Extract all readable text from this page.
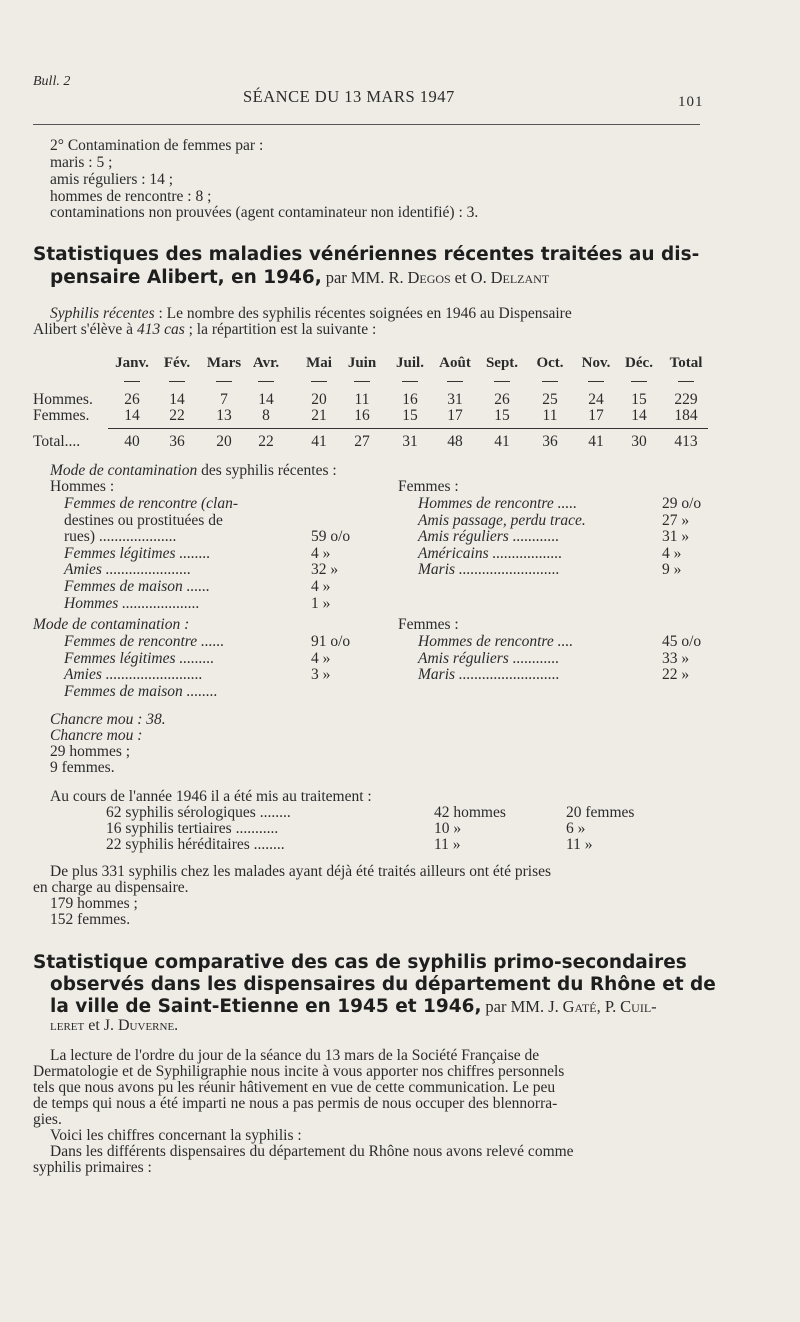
Bull. 2
SÉANCE DU 13 MARS 1947	101
2° Contamination de femmes par :
maris : 5 ;
amis réguliers : 14 ;
hommes de rencontre : 8 ;
contaminations non prouvées (agent contaminateur non identifié) : 3.
Statistiques des maladies vénériennes récentes traitées au dis-
pensaire Alibert, en 1946, par MM. R. Degos et O. Delzant
Syphilis récentes : Le nombre des syphilis récentes soignées en 1946 au Dispensaire
Alibert s'élève à 413 cas ; la répartition est la suivante :
Janv.	Fév.	Mars Avr.	Mai	Juin	Juil.	Août	Sept.	Oct.	Nov. Déc.	Total
Hommes.	26	14	7	14	20	11	16	31	26	25	24	15	229
Femmes.	14	22	13	8	21	16	15	17	15	11	17	14	184
Total....	40	36	20	22	41	27	31	48	41	36	41	30	413
Mode de contamination des syphilis récentes :
Hommes :	Femmes :
Femmes de rencontre (clan-
destines ou prostituées de
rues) ....................	59 o/o
Femmes légitimes ........	4 »
Amies ......................	32 »
Femmes de maison ......	4 »
Hommes ....................	1 »
Hommes de rencontre .....	29 o/o
Amis passage, perdu trace.	27 »
Amis réguliers ............	31 »
Américains ..................	4 »
Maris ..........................	9 »
Mode de contamination :	Femmes :
Femmes de rencontre ......	91 o/o
Femmes légitimes .........	4 »
Amies .........................	3 »
Femmes de maison ........
Hommes de rencontre ....	45 o/o
Amis réguliers ............	33 »
Maris ..........................	22 »
Chancre mou : 38.
Chancre mou :
29 hommes ;
9 femmes.
Au cours de l'année 1946 il a été mis au traitement :
62 syphilis sérologiques ........	42 hommes	20 femmes
16 syphilis tertiaires ...........	10 »	6 »
22 syphilis héréditaires ........	11 »	11 »
De plus 331 syphilis chez les malades ayant déjà été traités ailleurs ont été prises
en charge au dispensaire.
179 hommes ;
152 femmes.
Statistique comparative des cas de syphilis primo-secondaires
observés dans les dispensaires du département du Rhône et de
la ville de Saint-Etienne en 1945 et 1946, par MM. J. Gaté, P. Cuil-
leret et J. Duverne.
La lecture de l'ordre du jour de la séance du 13 mars de la Société Française de
Dermatologie et de Syphiligraphie nous incite à vous apporter nos chiffres personnels
tels que nous avons pu les réunir hâtivement en vue de cette communication. Le peu
de temps qui nous a été imparti ne nous a pas permis de nous occuper des blennorra-
gies.
Voici les chiffres concernant la syphilis :
Dans les différents dispensaires du département du Rhône nous avons relevé comme
syphilis primaires :
